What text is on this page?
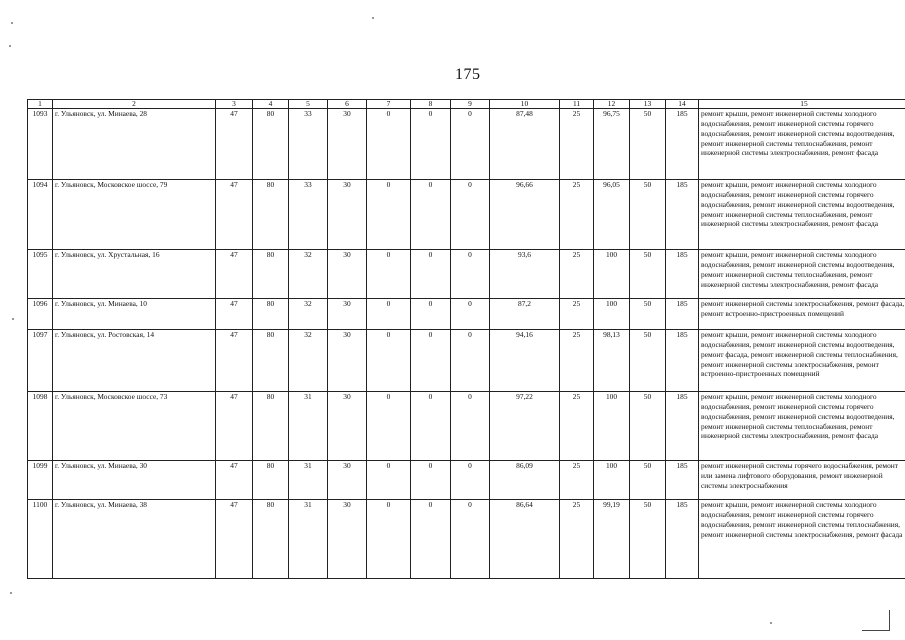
175
1	2	3	4	5	6	7	8	9	10	11	12	13	14	15
1093	г. Ульяновск, ул. Минаева, 28	47	80	33	30	0	0	0	87,48	25	96,75	50	185	ремонт крыши, ремонт инженерной системы холодного водоснабжения, ремонт инженерной системы горячего водоснабжения, ремонт инженерной системы водоотведения, ремонт инженерной системы теплоснабжения, ремонт инженерной системы электроснабжения, ремонт фасада
1094	г. Ульяновск, Московское шоссе, 79	47	80	33	30	0	0	0	96,66	25	96,05	50	185	ремонт крыши, ремонт инженерной системы холодного водоснабжения, ремонт инженерной системы горячего водоснабжения, ремонт инженерной системы водоотведения, ремонт инженерной системы теплоснабжения, ремонт инженерной системы электроснабжения, ремонт фасада
1095	г. Ульяновск, ул. Хрустальная, 16	47	80	32	30	0	0	0	93,6	25	100	50	185	ремонт крыши, ремонт инженерной системы холодного водоснабжения, ремонт инженерной системы водоотведения, ремонт инженерной системы теплоснабжения, ремонт инженерной системы электроснабжения, ремонт фасада
1096	г. Ульяновск, ул. Минаева, 10	47	80	32	30	0	0	0	87,2	25	100	50	185	ремонт инженерной системы электроснабжения, ремонт фасада, ремонт встроенно-пристроенных помещений
1097	г. Ульяновск, ул. Ростовская, 14	47	80	32	30	0	0	0	94,16	25	98,13	50	185	ремонт крыши, ремонт инженерной системы холодного водоснабжения, ремонт инженерной системы водоотведения, ремонт фасада, ремонт инженерной системы теплоснабжения, ремонт инженерной системы электроснабжения, ремонт встроенно-пристроенных помещений
1098	г. Ульяновск, Московское шоссе, 73	47	80	31	30	0	0	0	97,22	25	100	50	185	ремонт крыши, ремонт инженерной системы холодного водоснабжения, ремонт инженерной системы горячего водоснабжения, ремонт инженерной системы водоотведения, ремонт инженерной системы теплоснабжения, ремонт инженерной системы электроснабжения, ремонт фасада
1099	г. Ульяновск, ул. Минаева, 30	47	80	31	30	0	0	0	86,09	25	100	50	185	ремонт инженерной системы горячего водоснабжения, ремонт или замена лифтового оборудования, ремонт инженерной системы электроснабжения
1100	г. Ульяновск, ул. Минаева, 38	47	80	31	30	0	0	0	86,64	25	99,19	50	185	ремонт крыши, ремонт инженерной системы холодного водоснабжения, ремонт инженерной системы горячего водоснабжения, ремонт инженерной системы теплоснабжения, ремонт инженерной системы электроснабжения, ремонт фасада
